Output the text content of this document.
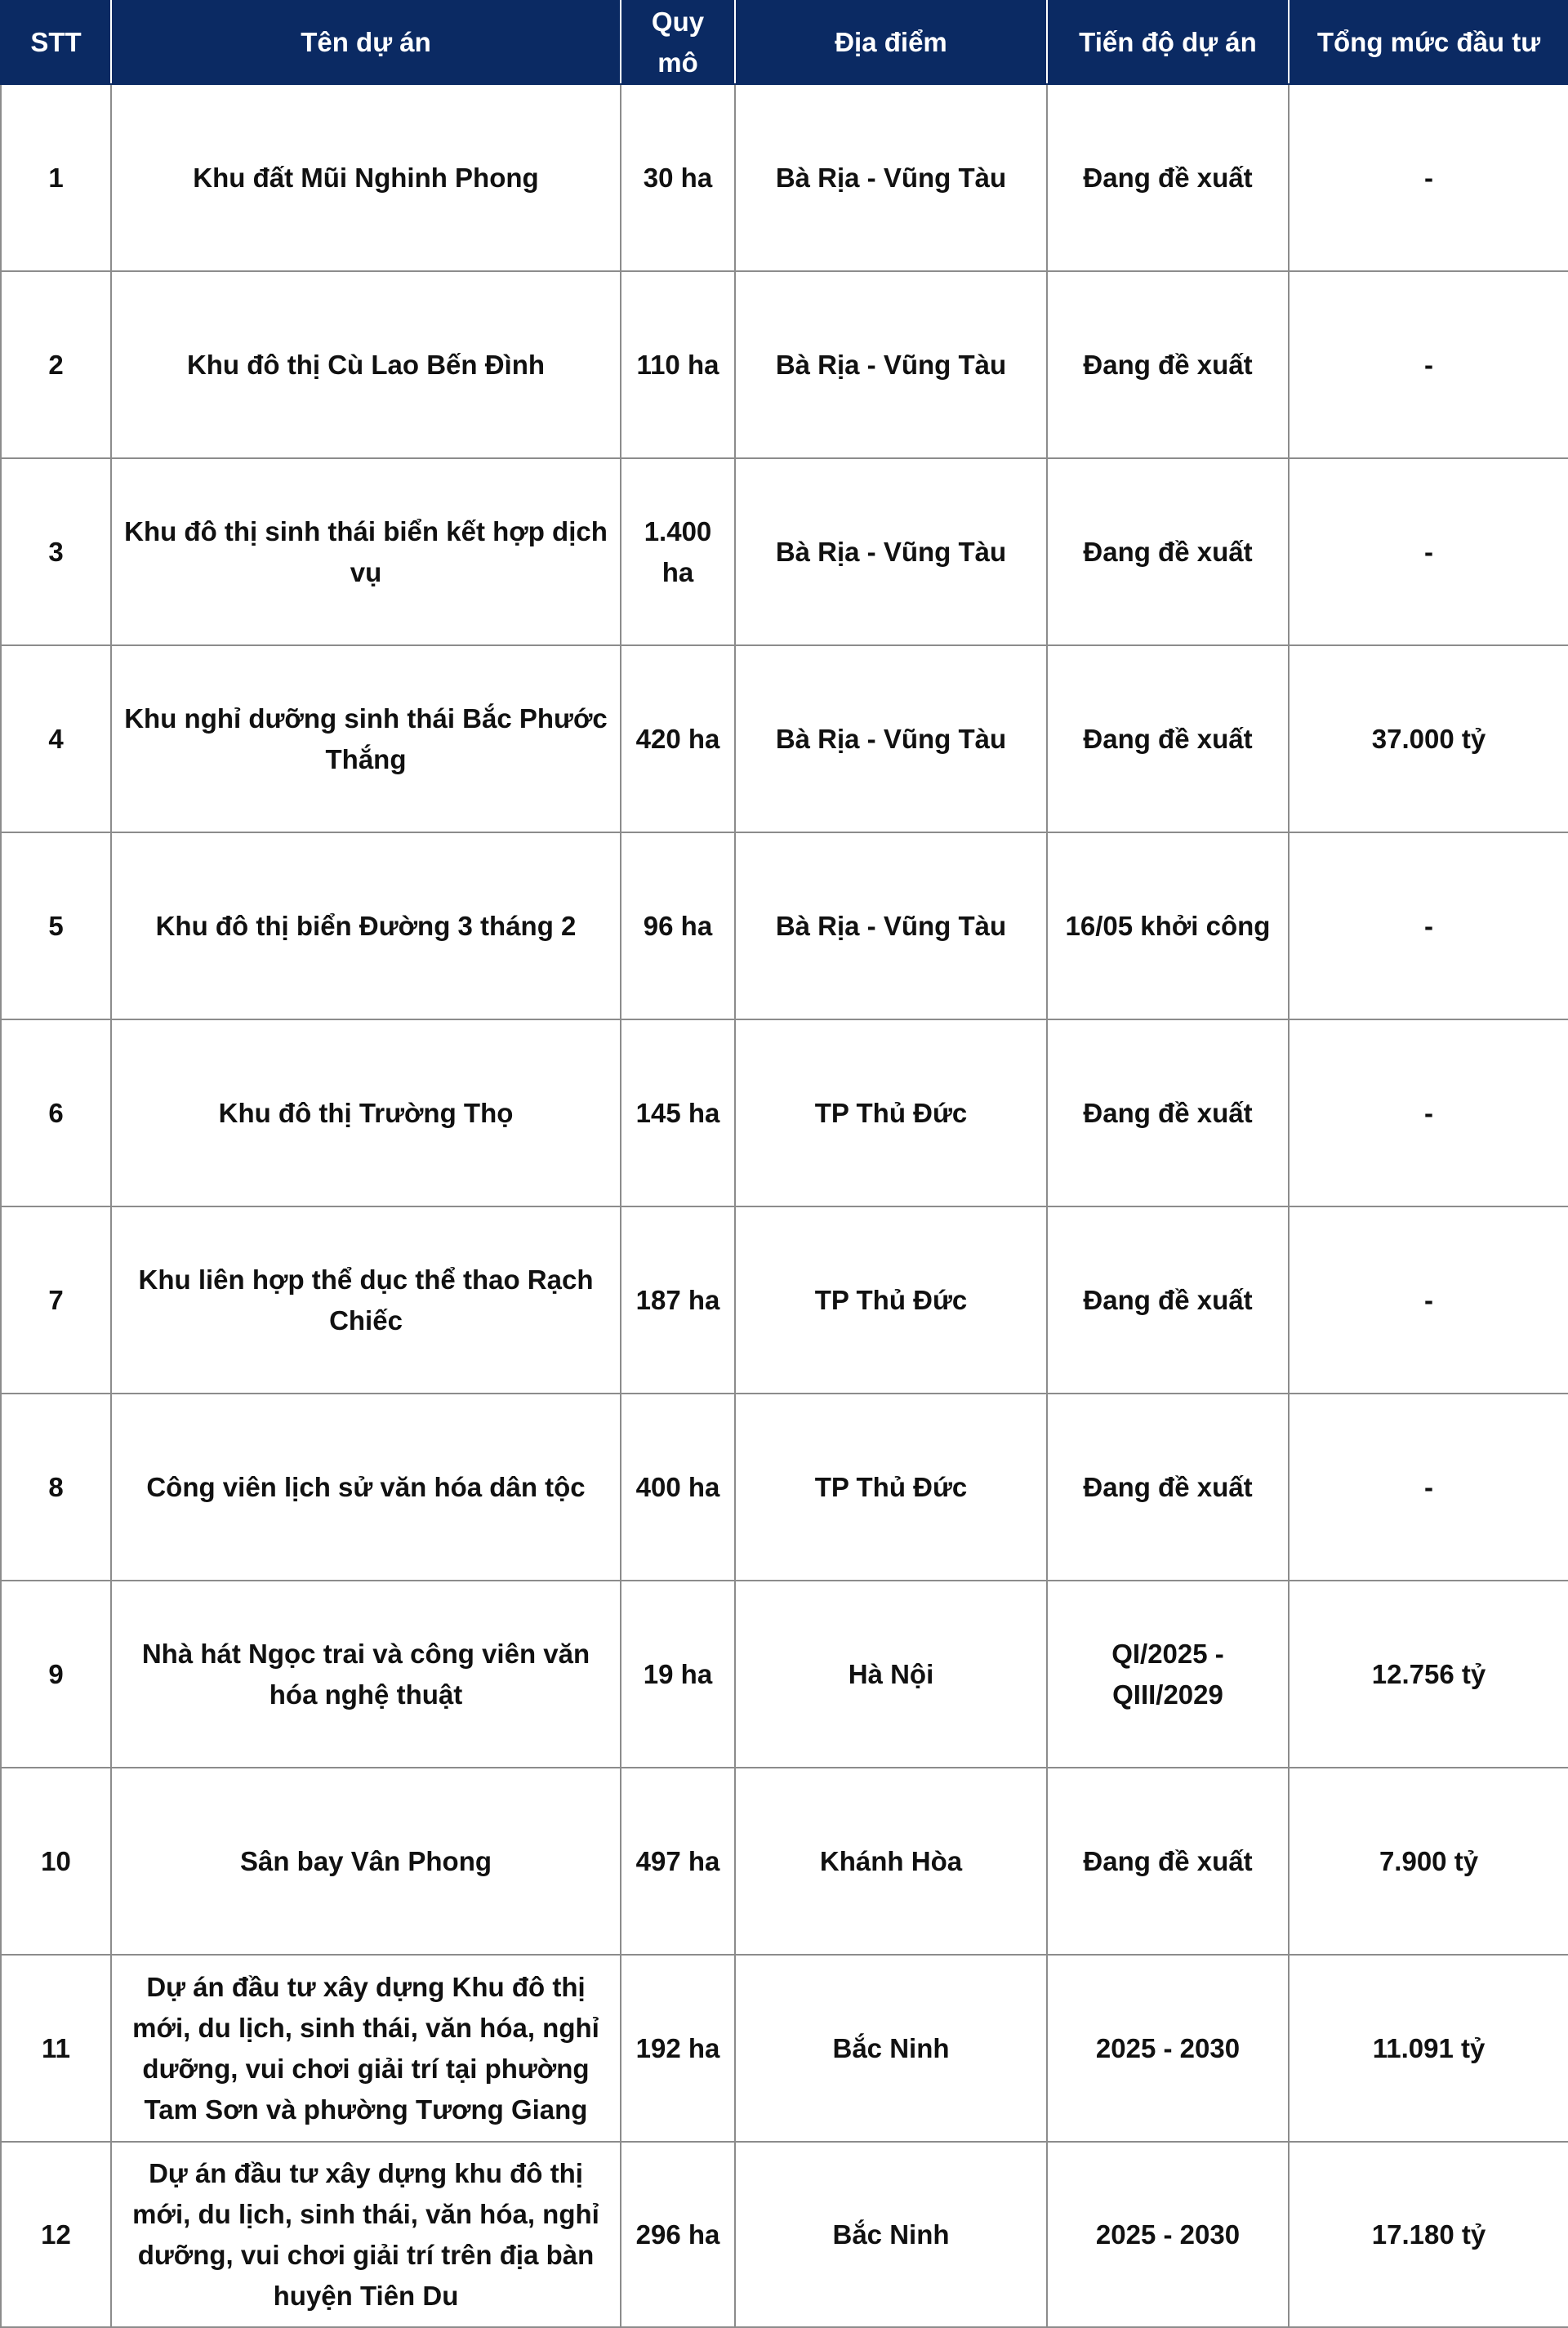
STT	Tên dự án	Quy mô	Địa điểm	Tiến độ dự án	Tổng mức đầu tư
1	Khu đất Mũi Nghinh Phong	30 ha	Bà Rịa - Vũng Tàu	Đang đề xuất	-
2	Khu đô thị Cù Lao Bến Đình	110 ha	Bà Rịa - Vũng Tàu	Đang đề xuất	-
3	Khu đô thị sinh thái biển kết hợp dịch vụ	1.400 ha	Bà Rịa - Vũng Tàu	Đang đề xuất	-
4	Khu nghỉ dưỡng sinh thái Bắc Phước Thắng	420 ha	Bà Rịa - Vũng Tàu	Đang đề xuất	37.000 tỷ
5	Khu đô thị biển Đường 3 tháng 2	96 ha	Bà Rịa - Vũng Tàu	16/05 khởi công	-
6	Khu đô thị Trường Thọ	145 ha	TP Thủ Đức	Đang đề xuất	-
7	Khu liên hợp thể dục thể thao Rạch Chiếc	187 ha	TP Thủ Đức	Đang đề xuất	-
8	Công viên lịch sử văn hóa dân tộc	400 ha	TP Thủ Đức	Đang đề xuất	-
9	Nhà hát Ngọc trai và công viên văn hóa nghệ thuật	19 ha	Hà Nội	QI/2025 - QIII/2029	12.756 tỷ
10	Sân bay Vân Phong	497 ha	Khánh Hòa	Đang đề xuất	7.900 tỷ
11	Dự án đầu tư xây dựng Khu đô thị mới, du lịch, sinh thái, văn hóa, nghỉ dưỡng, vui chơi giải trí tại phường Tam Sơn và phường Tương Giang	192 ha	Bắc Ninh	2025 - 2030	11.091 tỷ
12	Dự án đầu tư xây dựng khu đô thị mới, du lịch, sinh thái, văn hóa, nghỉ dưỡng, vui chơi giải trí trên địa bàn huyện Tiên Du	296 ha	Bắc Ninh	2025 - 2030	17.180 tỷ
